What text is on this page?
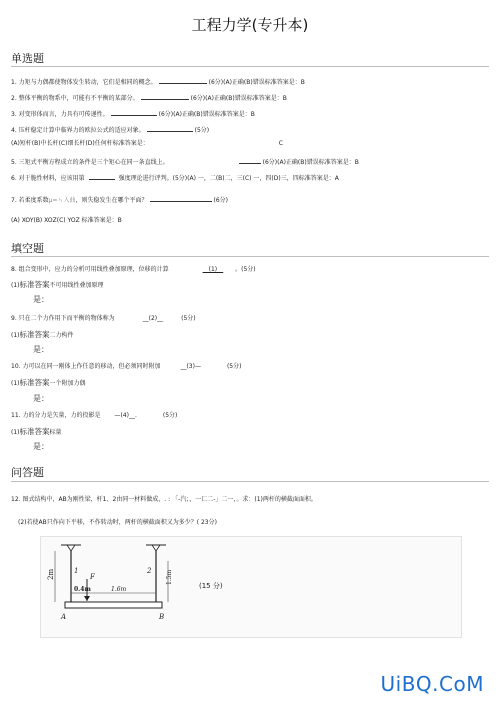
工程力学(专升本)
单选题
1. 力矩与力偶都使物体发生转动，它们是相同的概念。	(6分)(A)正确(B)错误标准答案是：B
2. 整体平衡的物系中，可能有不平衡的某部分。	(6分)(A)正确(B)错误标准答案是：B
3. 对变形体而言，力具有可传递性。	(6分)(A)正确(B)错误标准答案是：B
4. 压杆稳定计算中临界力的欧拉公式的适应对象。	(5分)
(A)短杆(B)中长杆(C)细长杆(D)任何杆标准答案是：	C
5. 三矩式平衡方程成立的条件是三个矩心在同一条直线上。	(6分)(A)正确(B)错误标准答案是：B
6. 对于脆性材料，应该用第	强度理论进行评判。(5分)(A) 一，二(B)二，三(C) 一，四(D)三，四标准答案是：A
7. 若柔度系数μ=ㄣ入曲，则失稳发生在哪个平面？	(6分)
(A) XOY(B) XOZ(C) YOZ 标准答案是：B
填空题
8. 组合变形中，应力的分析可用线性叠加原理，位移的计算	__(1)__ 。(5分)
(1)标准答案不可用线性叠加原理
是：
9. 只在二个力作用下而平衡的物体称为	__(2)__	(5分)
(1)标准答案二力构件
是：
10. 力可以在同一刚体上作任意的移动，但必须同时附加	__(3)—	(5分)
(1)标准答案一个附加力偶
是：
11. 力的分力是矢量，力的投影是 —(4)__.	(5分)
(1)标准答案标量
是：
问答题
12. 图式结构中，AB为刚性梁，杆1、2由同一材料做成，. : 「-汽；，一匚二-」二一，。求：(1)两杆的横截面面积。
(2)若使AB只作向下平移，不作转动时，两杆的横截面积又为多少？( 23分)
2m	1
F
2
0.4m	1.6m
1.5m
A	B
(15 分)
UiBQ.CoM
